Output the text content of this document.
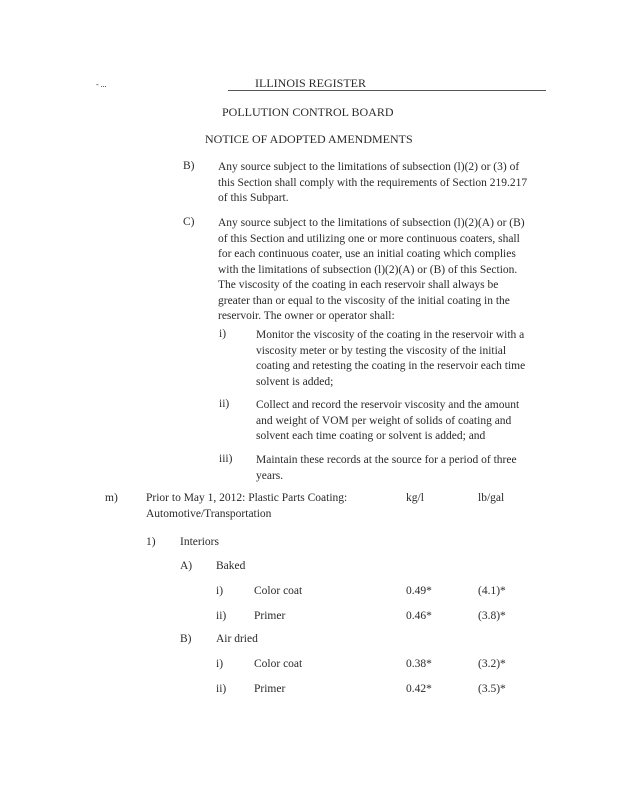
- ...	ILLINOIS REGISTER
POLLUTION CONTROL BOARD
NOTICE OF ADOPTED AMENDMENTS
B) Any source subject to the limitations of subsection (l)(2) or (3) of
this Section shall comply with the requirements of Section 219.217
of this Subpart.
C) Any source subject to the limitations of subsection (l)(2)(A) or (B)
of this Section and utilizing one or more continuous coaters, shall
for each continuous coater, use an initial coating which complies
with the limitations of subsection (l)(2)(A) or (B) of this Section.
The viscosity of the coating in each reservoir shall always be
greater than or equal to the viscosity of the initial coating in the
reservoir. The owner or operator shall:
i)	Monitor the viscosity of the coating in the reservoir with a
viscosity meter or by testing the viscosity of the initial
coating and retesting the coating in the reservoir each time
solvent is added;
ii) Collect and record the reservoir viscosity and the amount
and weight of VOM per weight of solids of coating and
solvent each time coating or solvent is added; and
iii) Maintain these records at the source for a period of three
years.
m) Prior to May 1, 2012: Plastic Parts Coating:
Automotive/Transportation
kg/l	lb/gal
1) Interiors
A) Baked
i)	Color coat	0.49*	(4.1)*
ii) Primer	0.46*	(3.8)*
B) Air dried
i)	Color coat	0.38*	(3.2)*
ii) Primer	0.42*	(3.5)*
